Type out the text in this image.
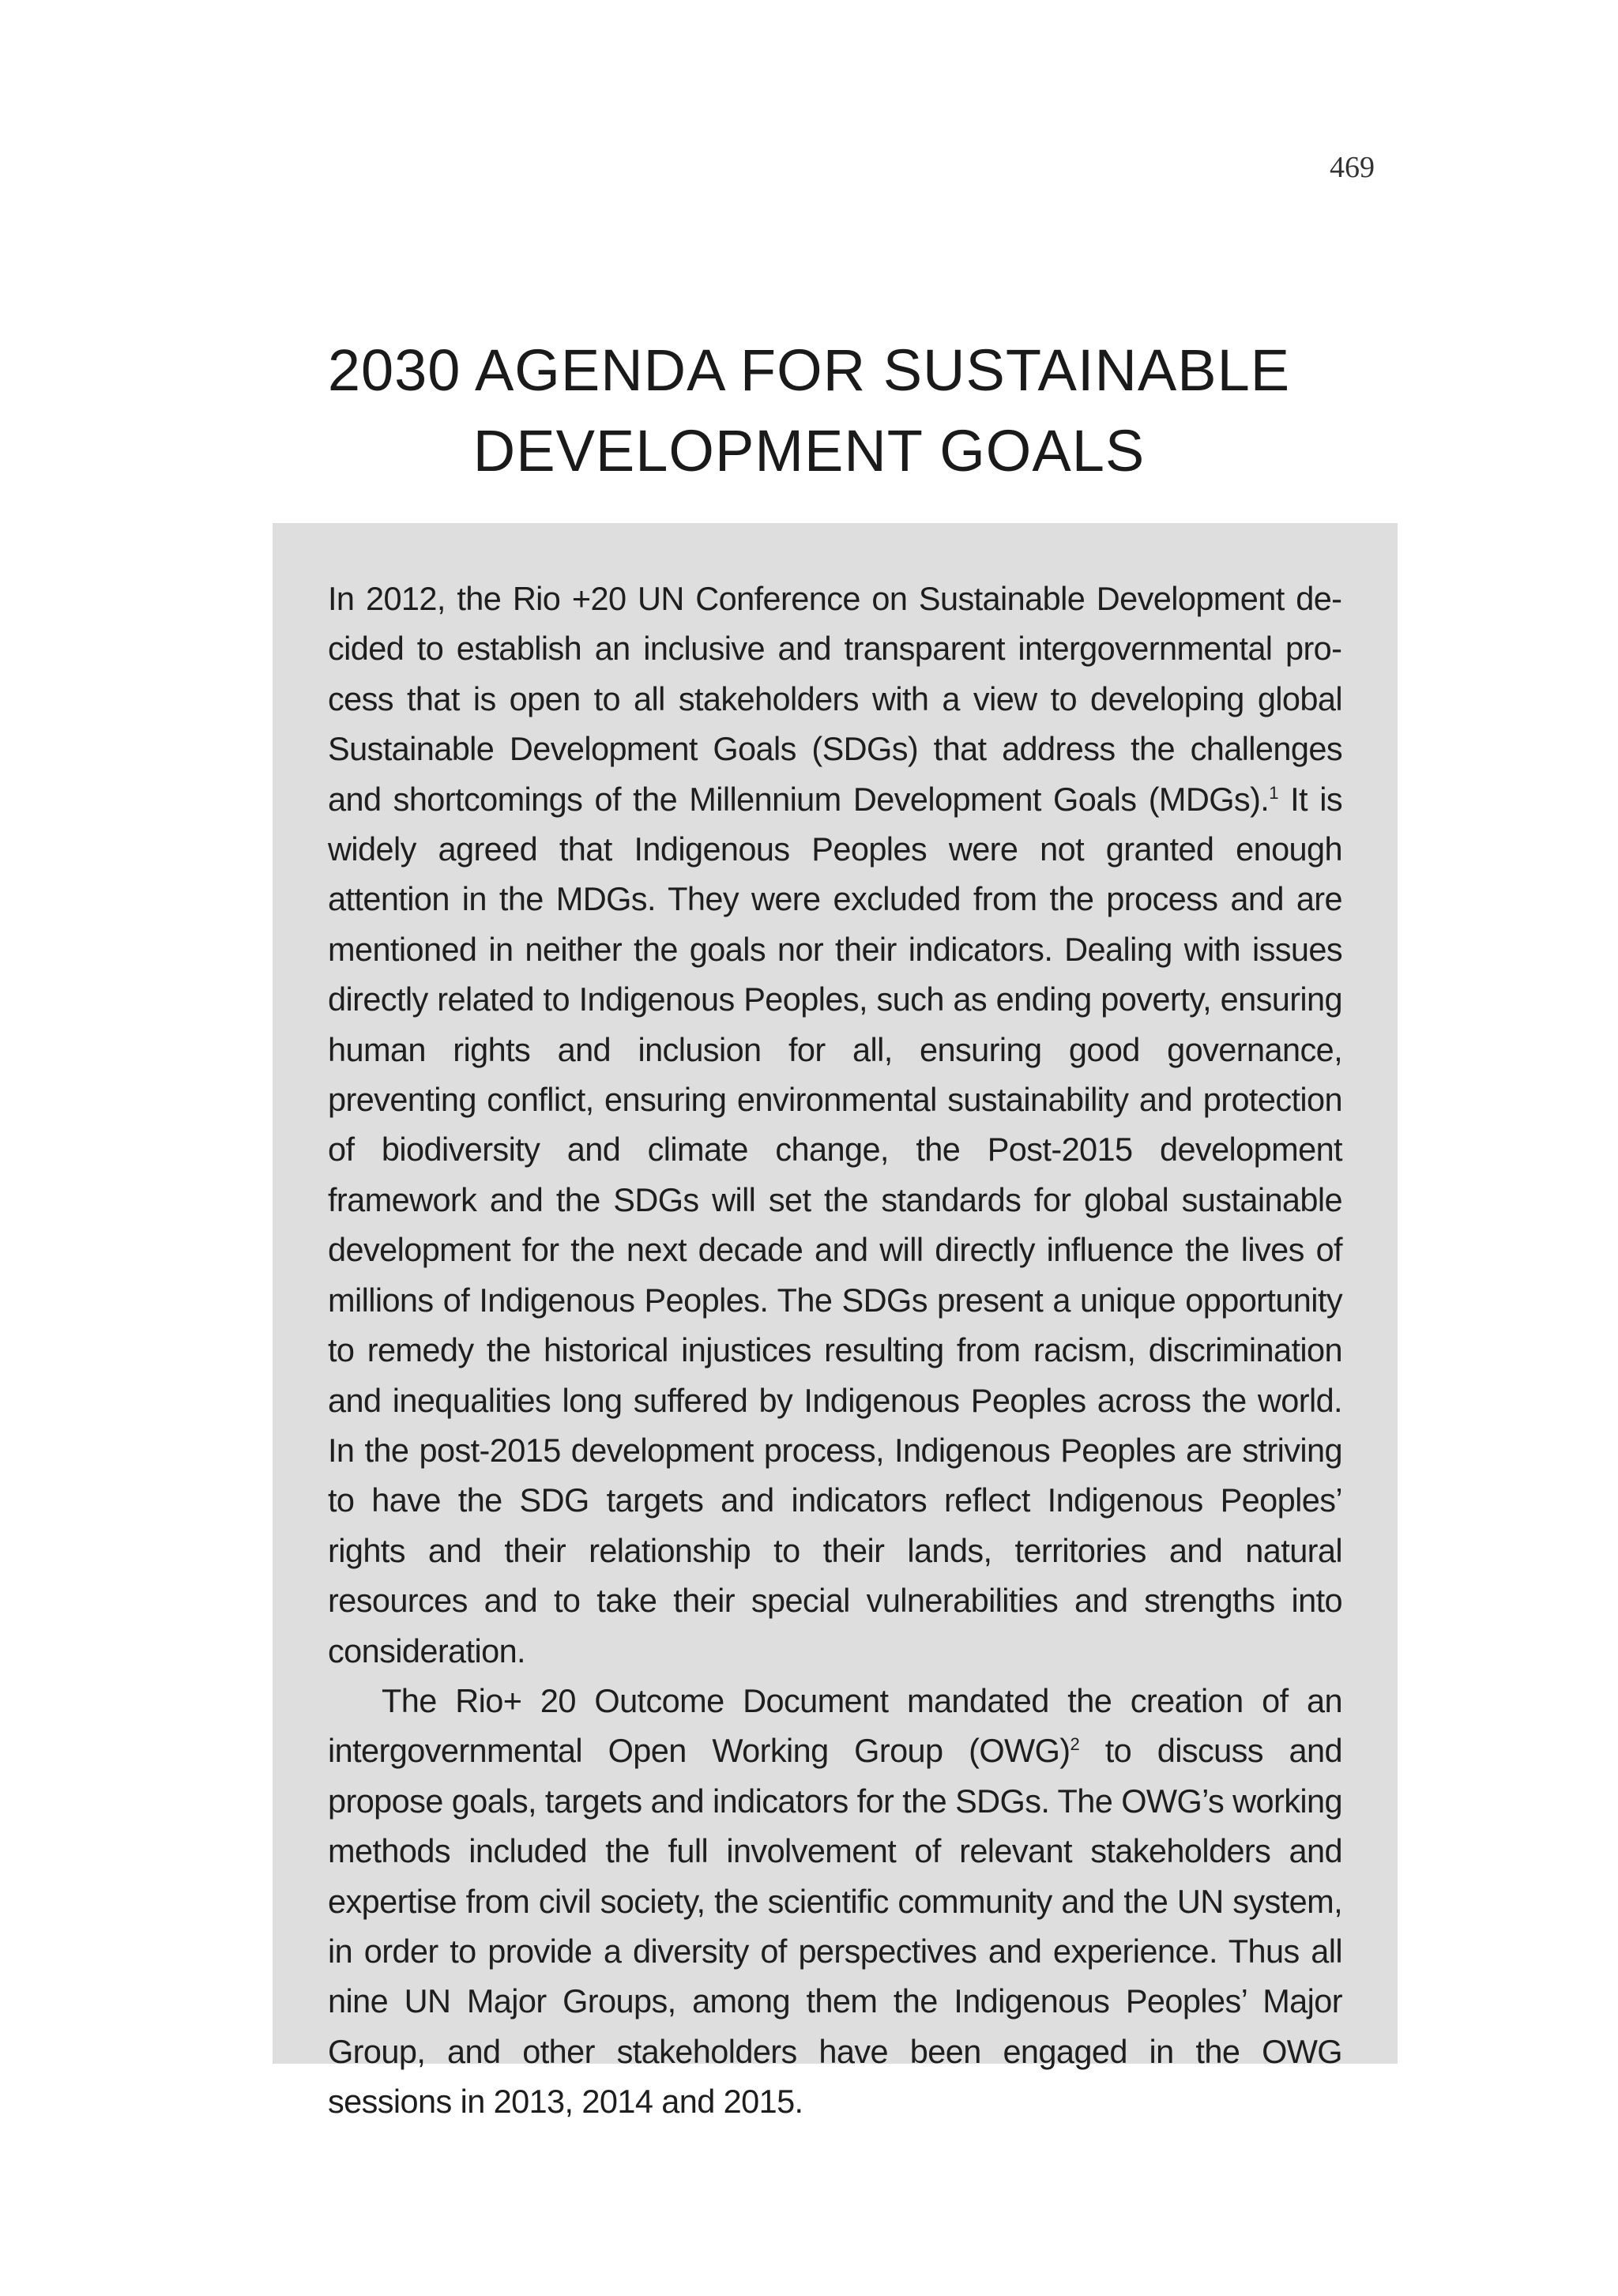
469
2030 AGENDA FOR SUSTAINABLE
DEVELOPMENT GOALS

In 2012, the Rio +20 UN Conference on Sustainable Development decided to establish an inclusive and transparent intergovernmental process that is open to all stakeholders with a view to developing global Sustainable Development Goals (SDGs) that address the challenges and shortcomings of the Millennium Development Goals (MDGs).$^1$ It is widely agreed that Indigenous Peoples were not granted enough attention in the MDGs. They were excluded from the process and are mentioned in neither the goals nor their indicators. Dealing with issues directly related to Indigenous Peoples, such as ending poverty, ensuring human rights and inclusion for all, ensuring good governance, preventing conflict, ensuring environmental sustainability and protection of biodiversity and climate change, the Post-2015 development framework and the SDGs will set the standards for global sustainable development for the next decade and will directly influence the lives of millions of Indigenous Peoples. The SDGs present a unique opportunity to remedy the historical injustices resulting from racism, discrimination and inequalities long suffered by Indigenous Peoples across the world. In the post-2015 development process, Indigenous Peoples are striving to have the SDG targets and indicators reflect Indigenous Peoples’ rights and their relationship to their lands, territories and natural resources and to take their special vulnerabilities and strengths into consideration.

The Rio+ 20 Outcome Document mandated the creation of an intergovernmental Open Working Group (OWG)$^2$ to discuss and propose goals, targets and indicators for the SDGs. The OWG’s working methods included the full involvement of relevant stakeholders and expertise from civil society, the scientific community and the UN system, in order to provide a diversity of perspectives and experience. Thus all nine UN Major Groups, among them the Indigenous Peoples’ Major Group, and other stakeholders have been engaged in the OWG sessions in 2013, 2014 and 2015.
